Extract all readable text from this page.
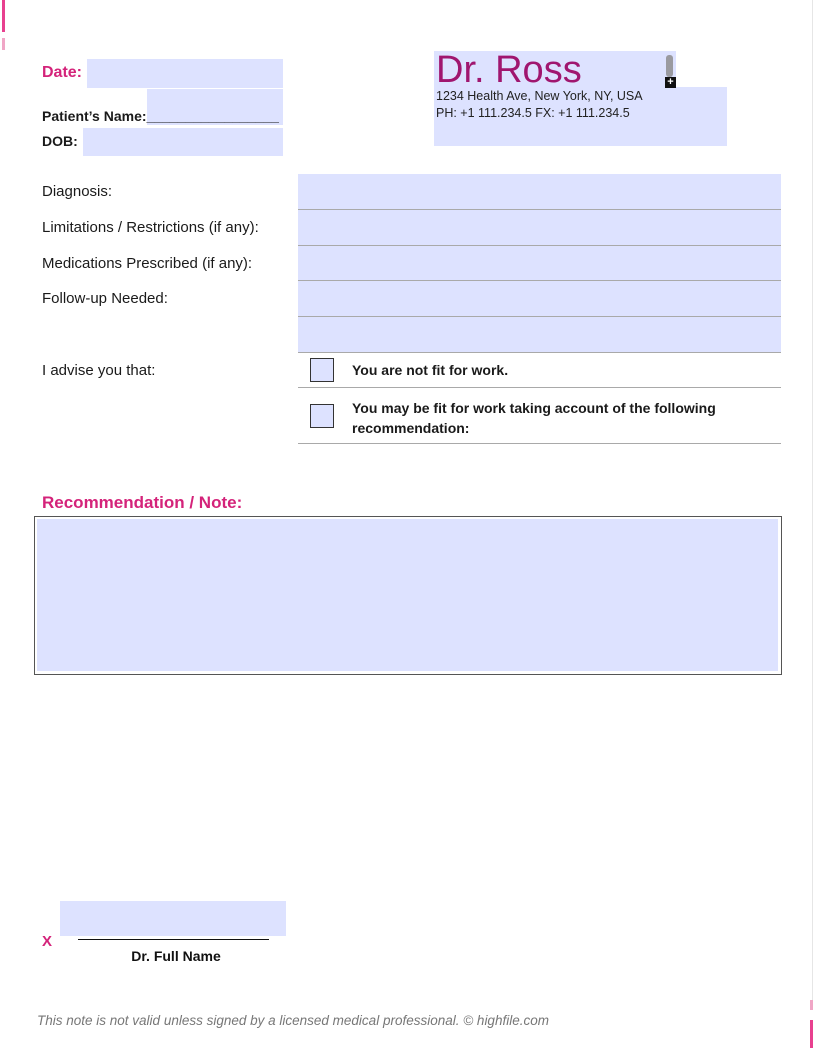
Date:
Patient’s Name:_________________
DOB:
Dr. Ross
1234 Health Ave, New York, NY, USA
PH: +1 111.234.5 FX: +1 111.234.5
+
Diagnosis:
Limitations / Restrictions (if any):
Medications Prescribed (if any):
Follow-up Needed:
I advise you that:	You are not fit for work.
You may be fit for work taking account of the following recommendation:
Recommendation / Note:
X
Dr. Full Name
This note is not valid unless signed by a licensed medical professional. © highfile.com
